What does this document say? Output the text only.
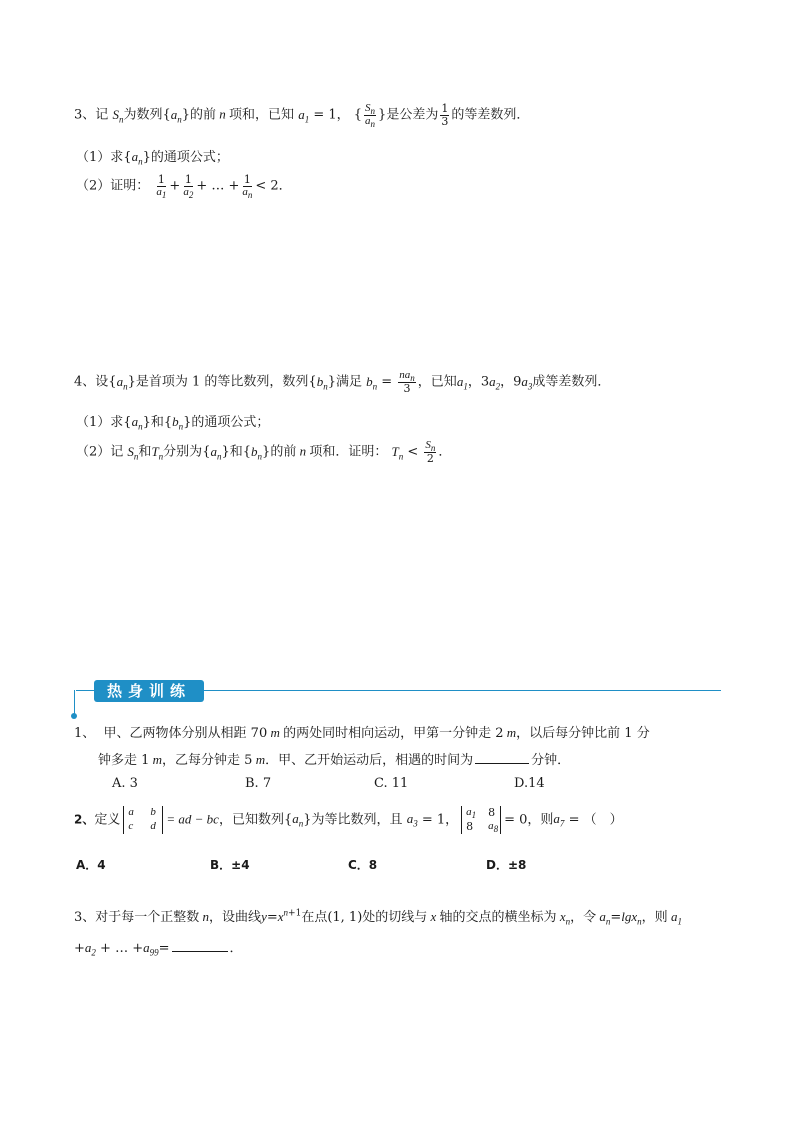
3、记 $S_n$为数列$\{a_n\}$的前 n 项和，已知 $a_1 = 1$， { $\frac{S_n}{a_n}$ }是公差为 $\frac{1}{3}$ 的等差数列．
（1）求$\{a_n\}$的通项公式；
（2）证明： $\frac{1}{a_1} + \frac{1}{a_2}$ + … + $\frac{1}{a_n} < 2$．
4、设$\{a_n\}$是首项为 1 的等比数列，数列$\{b_n\}$满足 $b_n = \frac{na_n}{3}$ ，已知$a_1$，$3a_2$，$9a_3$成等差数列．
（1）求$\{a_n\}$和$\{b_n\}$的通项公式；
（2）记 $S_n$和$T_n$分别为$\{a_n\}$和$\{b_n\}$的前 n 项和．证明： $T_n < \frac{S_n}{2}$ ．
热身训练
1、 甲、乙两物体分别从相距 70 m 的两处同时相向运动，甲第一分钟走 2 m，以后每分钟比前 1 分
钟多走 1 m，乙每分钟走 5 m．甲、乙开始运动后，相遇的时间为	分钟．
A. 3	B. 7	C. 11	D.14
2、定义
a b
c d = ad − bc，已知数列$\{a_n\}$为等比数列，且 $a_3 = 1$，
$a_1$ 8
8 $a_8$
= 0，则$a_7$ = （　）
A．4	B．±4	C．8	D．±8
3、对于每一个正整数 n，设曲线$y=x^{n+1}$在点(1, 1)处的切线与 x 轴的交点的横坐标为 $x_n$，令 $a_n=\lg x_n$，则 $a_1$
$+a_2$ + … $+a_{99}=$	．
